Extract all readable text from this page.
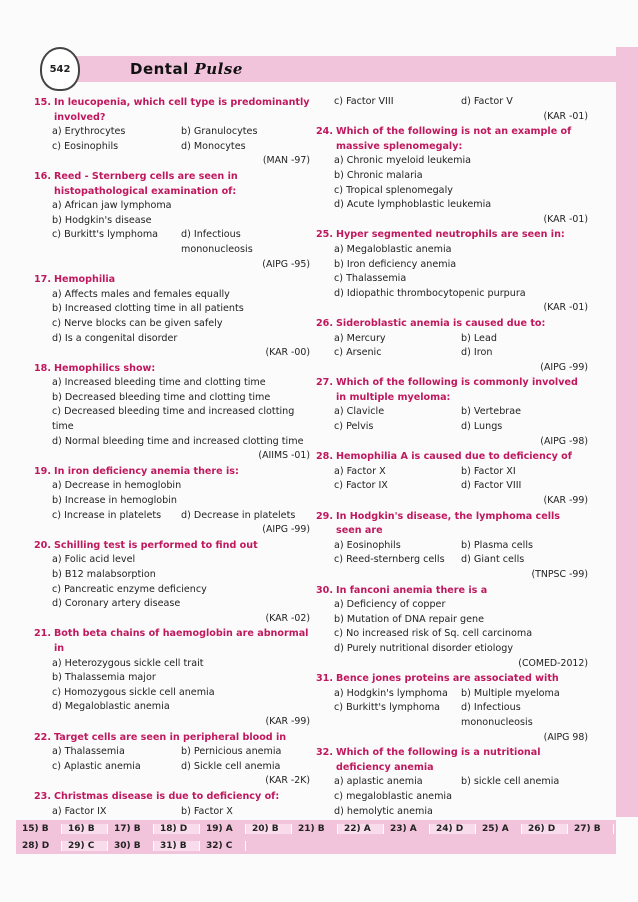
542	Dental Pulse
15. In leucopenia, which cell type is predominantly involved?
a) Erythrocytes	b) Granulocytes
c) Eosinophils	d) Monocytes
(MAN -97)
16. Reed - Sternberg cells are seen in histopathological examination of:
a) African jaw lymphoma
b) Hodgkin's disease
c) Burkitt's lymphoma	d) Infectious mononucleosis
(AIPG -95)
17. Hemophilia
a) Affects males and females equally
b) Increased clotting time in all patients
c) Nerve blocks can be given safely
d) Is a congenital disorder
(KAR -00)
18. Hemophilics show:
a) Increased bleeding time and clotting time
b) Decreased bleeding time and clotting time
c) Decreased bleeding time and increased clotting time
d) Normal bleeding time and increased clotting time
(AIIMS -01)
19. In iron deficiency anemia there is:
a) Decrease in hemoglobin
b) Increase in hemoglobin
c) Increase in platelets	d) Decrease in platelets
(AIPG -99)
20. Schilling test is performed to find out
a) Folic acid level
b) B12 malabsorption
c) Pancreatic enzyme deficiency
d) Coronary artery disease
(KAR -02)
21. Both beta chains of haemoglobin are abnormal in
a) Heterozygous sickle cell trait
b) Thalassemia major
c) Homozygous sickle cell anemia
d) Megaloblastic anemia
(KAR -99)
22. Target cells are seen in peripheral blood in
a) Thalassemia	b) Pernicious anemia
c) Aplastic anemia	d) Sickle cell anemia
(KAR -2K)
23. Christmas disease is due to deficiency of:
a) Factor IX	b) Factor X
c) Factor VIII	d) Factor V
(KAR -01)
24. Which of the following is not an example of massive splenomegaly:
a) Chronic myeloid leukemia
b) Chronic malaria
c) Tropical splenomegaly
d) Acute lymphoblastic leukemia
(KAR -01)
25. Hyper segmented neutrophils are seen in:
a) Megaloblastic anemia
b) Iron deficiency anemia
c) Thalassemia
d) Idiopathic thrombocytopenic purpura
(KAR -01)
26. Sideroblastic anemia is caused due to:
a) Mercury	b) Lead
c) Arsenic	d) Iron
(AIPG -99)
27. Which of the following is commonly involved in multiple myeloma:
a) Clavicle	b) Vertebrae
c) Pelvis	d) Lungs
(AIPG -98)
28. Hemophilia A is caused due to deficiency of
a) Factor X	b) Factor XI
c) Factor IX	d) Factor VIII
(KAR -99)
29. In Hodgkin's disease, the lymphoma cells seen are
a) Eosinophils	b) Plasma cells
c) Reed-sternberg cells	d) Giant cells
(TNPSC -99)
30. In fanconi anemia there is a
a) Deficiency of copper
b) Mutation of DNA repair gene
c) No increased risk of Sq. cell carcinoma
d) Purely nutritional disorder etiology
(COMED-2012)
31. Bence jones proteins are associated with
a) Hodgkin's lymphoma	b) Multiple myeloma
c) Burkitt's lymphoma	d) Infectious mononucleosis
(AIPG 98)
32. Which of the following is a nutritional deficiency anemia
a) aplastic anemia	b) sickle cell anemia
c) megaloblastic anemia
d) hemolytic anemia
15) B	16) B	17) B	18) D	19) A	20) B	21) B	22) A	23) A	24) D	25) A	26) D	27) B
28) D	29) C	30) B	31) B	32) C
